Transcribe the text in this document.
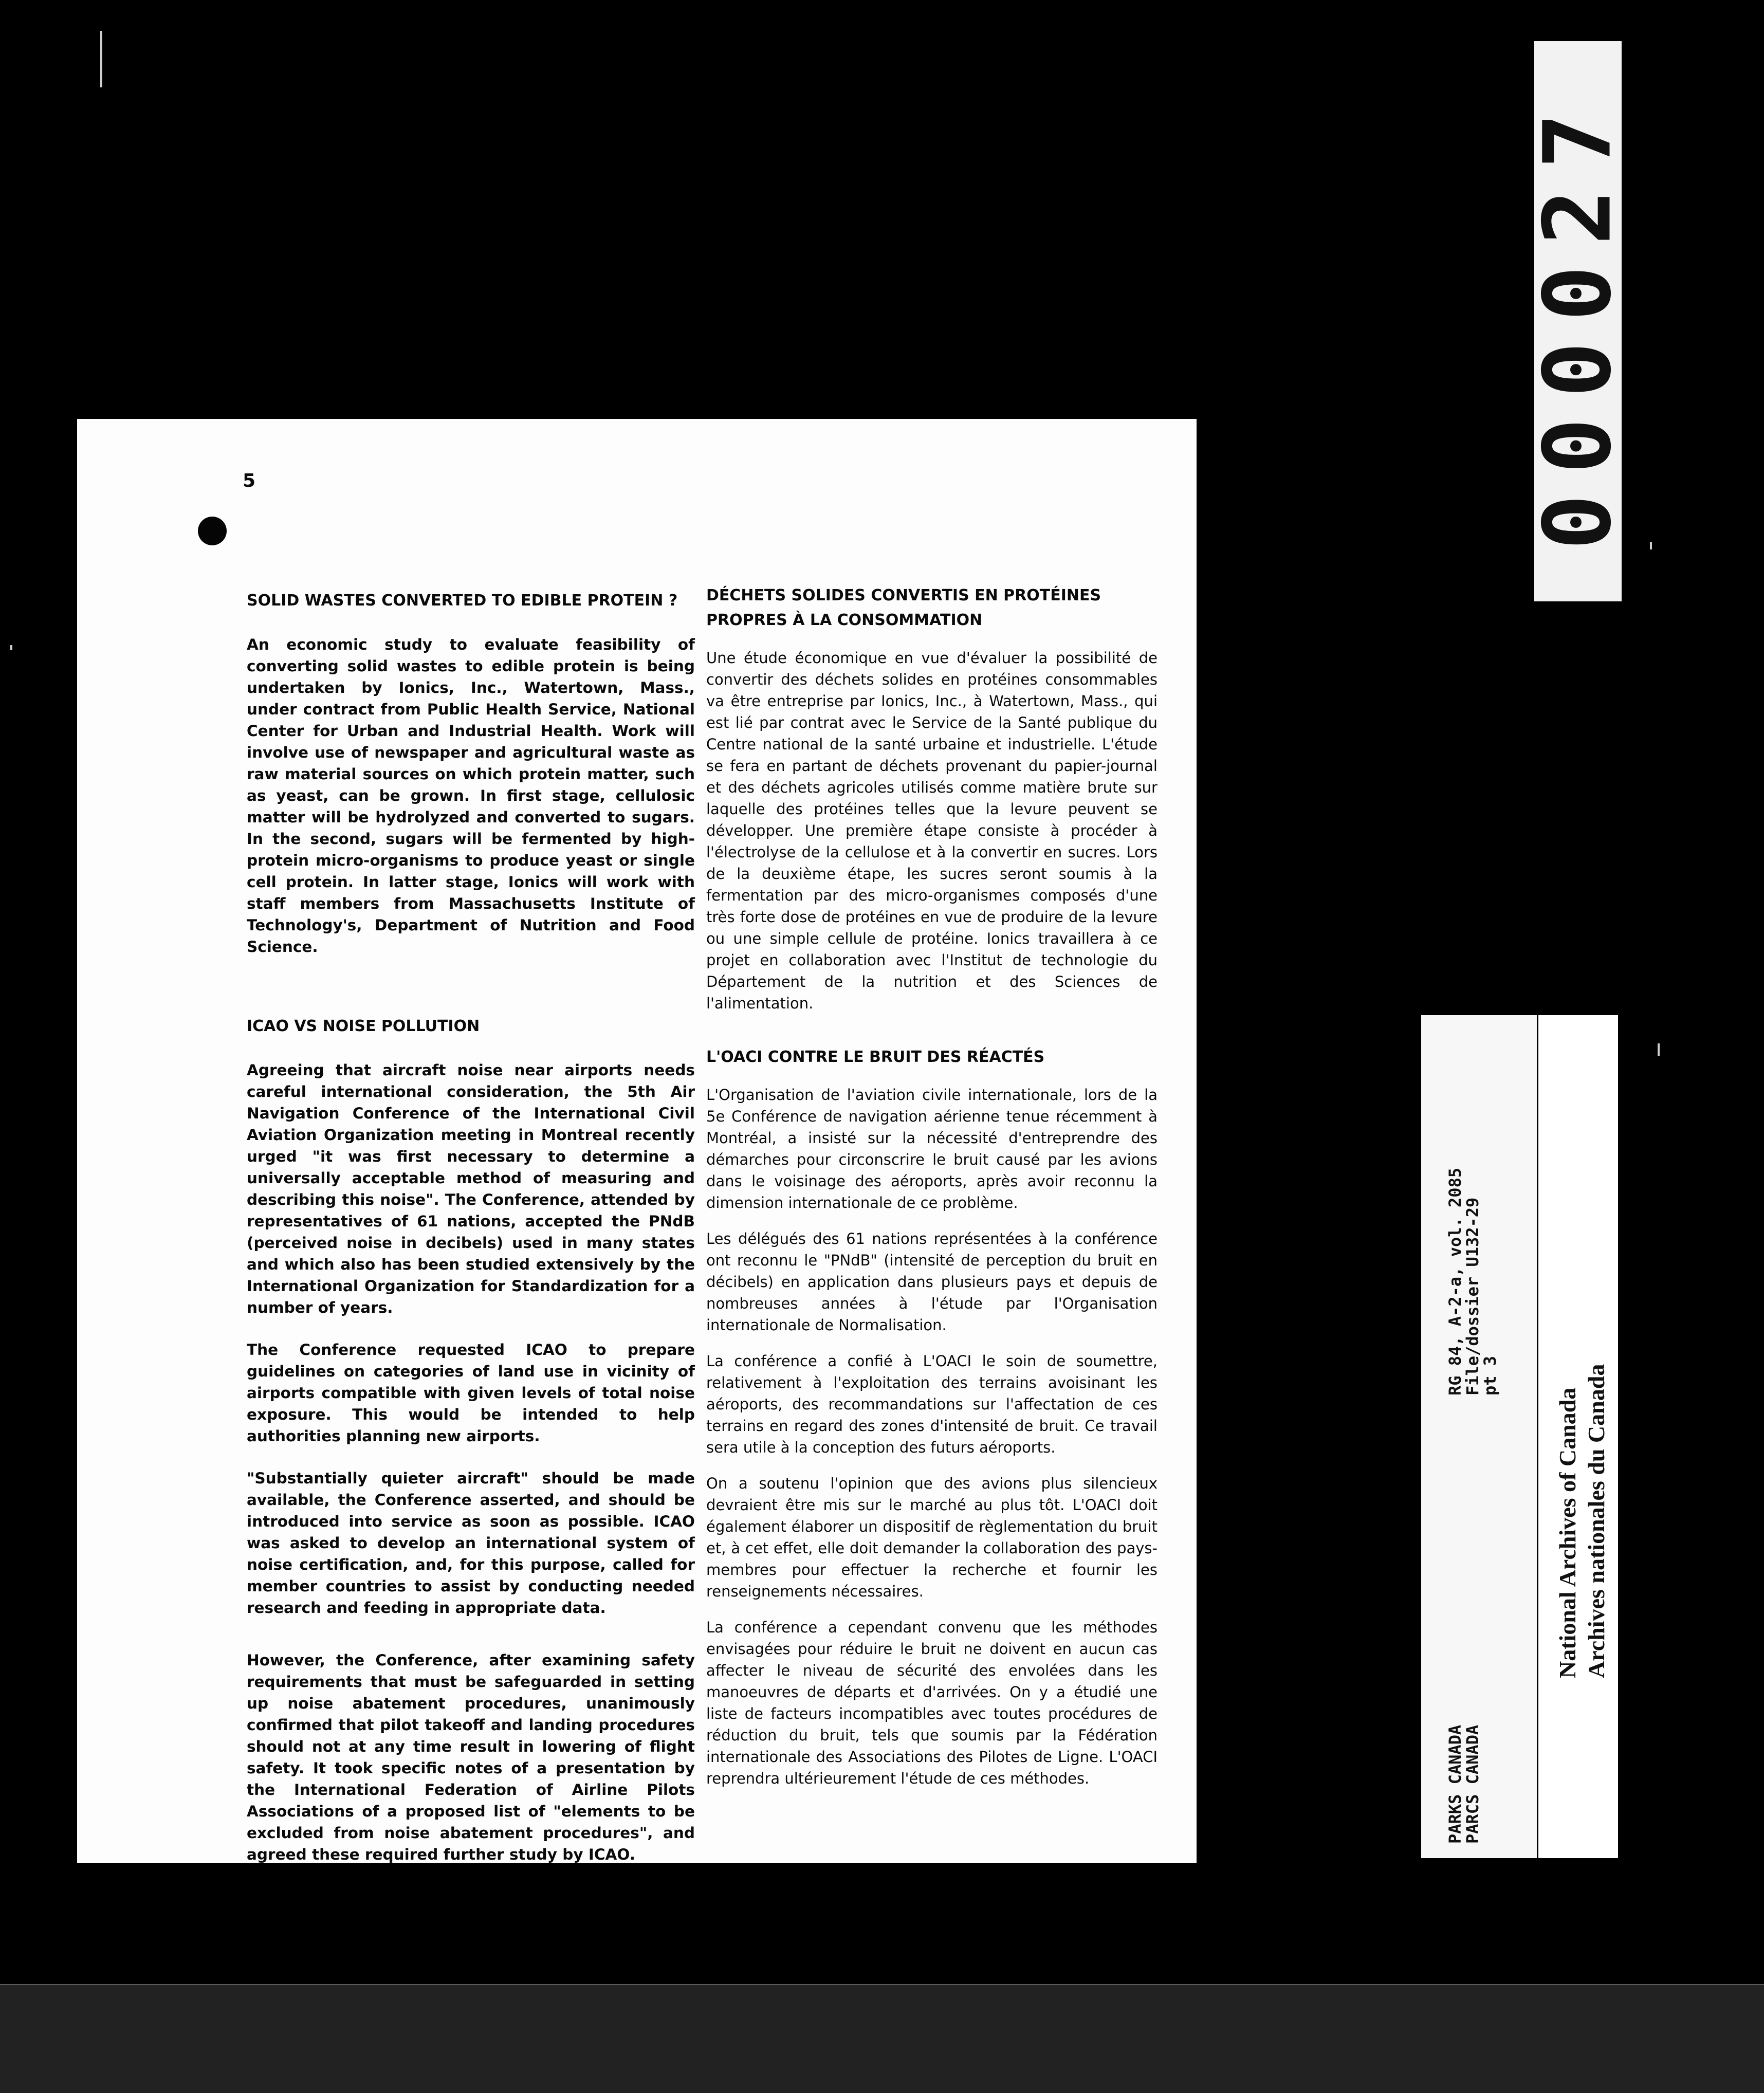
5
SOLID WASTES CONVERTED TO EDIBLE PROTEIN ?

An economic study to evaluate feasibility of converting solid wastes to edible protein is being undertaken by Ionics, Inc., Watertown, Mass., under contract from Public Health Service, National Center for Urban and Industrial Health. Work will involve use of newspaper and agricultural waste as raw material sources on which protein matter, such as yeast, can be grown. In first stage, cellulosic matter will be hydrolyzed and converted to sugars. In the second, sugars will be fermented by high-protein micro-organisms to produce yeast or single cell protein. In latter stage, Ionics will work with staff members from Massachusetts Institute of Technology's, Department of Nutrition and Food Science.

ICAO VS NOISE POLLUTION

Agreeing that aircraft noise near airports needs careful international consideration, the 5th Air Navigation Conference of the International Civil Aviation Organization meeting in Montreal recently urged "it was first necessary to determine a universally acceptable method of measuring and describing this noise". The Conference, attended by representatives of 61 nations, accepted the PNdB (perceived noise in decibels) used in many states and which also has been studied extensively by the International Organization for Standardization for a number of years.

The Conference requested ICAO to prepare guidelines on categories of land use in vicinity of airports compatible with given levels of total noise exposure. This would be intended to help authorities planning new airports.

"Substantially quieter aircraft" should be made available, the Conference asserted, and should be introduced into service as soon as possible. ICAO was asked to develop an international system of noise certification, and, for this purpose, called for member countries to assist by conducting needed research and feeding in appropriate data.

However, the Conference, after examining safety requirements that must be safeguarded in setting up noise abatement procedures, unanimously confirmed that pilot takeoff and landing procedures should not at any time result in lowering of flight safety. It took specific notes of a presentation by the International Federation of Airline Pilots Associations of a proposed list of "elements to be excluded from noise abatement procedures", and agreed these required further study by ICAO.

DÉCHETS SOLIDES CONVERTIS EN PROTÉINES PROPRES À LA CONSOMMATION

Une étude économique en vue d'évaluer la possibilité de convertir des déchets solides en protéines consommables va être entreprise par Ionics, Inc., à Watertown, Mass., qui est lié par contrat avec le Service de la Santé publique du Centre national de la santé urbaine et industrielle. L'étude se fera en partant de déchets provenant du papier-journal et des déchets agricoles utilisés comme matière brute sur laquelle des protéines telles que la levure peuvent se développer. Une première étape consiste à procéder à l'électrolyse de la cellulose et à la convertir en sucres. Lors de la deuxième étape, les sucres seront soumis à la fermentation par des micro-organismes composés d'une très forte dose de protéines en vue de produire de la levure ou une simple cellule de protéine. Ionics travaillera à ce projet en collaboration avec l'Institut de technologie du Département de la nutrition et des Sciences de l'alimentation.

L'OACI CONTRE LE BRUIT DES RÉACTÉS

L'Organisation de l'aviation civile internationale, lors de la 5e Conférence de navigation aérienne tenue récemment à Montréal, a insisté sur la nécessité d'entreprendre des démarches pour circonscrire le bruit causé par les avions dans le voisinage des aéroports, après avoir reconnu la dimension internationale de ce problème.

Les délégués des 61 nations représentées à la conférence ont reconnu le "PNdB" (intensité de perception du bruit en décibels) en application dans plusieurs pays et depuis de nombreuses années à l'étude par l'Organisation internationale de Normalisation.

La conférence a confié à L'OACI le soin de soumettre, relativement à l'exploitation des terrains avoisinant les aéroports, des recommandations sur l'affectation de ces terrains en regard des zones d'intensité de bruit. Ce travail sera utile à la conception des futurs aéroports.

On a soutenu l'opinion que des avions plus silencieux devraient être mis sur le marché au plus tôt. L'OACI doit également élaborer un dispositif de règlementation du bruit et, à cet effet, elle doit demander la collaboration des pays-membres pour effectuer la recherche et fournir les renseignements nécessaires.

La conférence a cependant convenu que les méthodes envisagées pour réduire le bruit ne doivent en aucun cas affecter le niveau de sécurité des envolées dans les manoeuvres de départs et d'arrivées. On y a étudié une liste de facteurs incompatibles avec toutes procédures de réduction du bruit, tels que soumis par la Fédération internationale des Associations des Pilotes de Ligne. L'OACI reprendra ultérieurement l'étude de ces méthodes.

000027
PARKS CANADA
PARCS CANADA
RG 84, A-2-a, vol. 2085
File/dossier U132-29
pt 3
National Archives of Canada Archives nationales du Canada
